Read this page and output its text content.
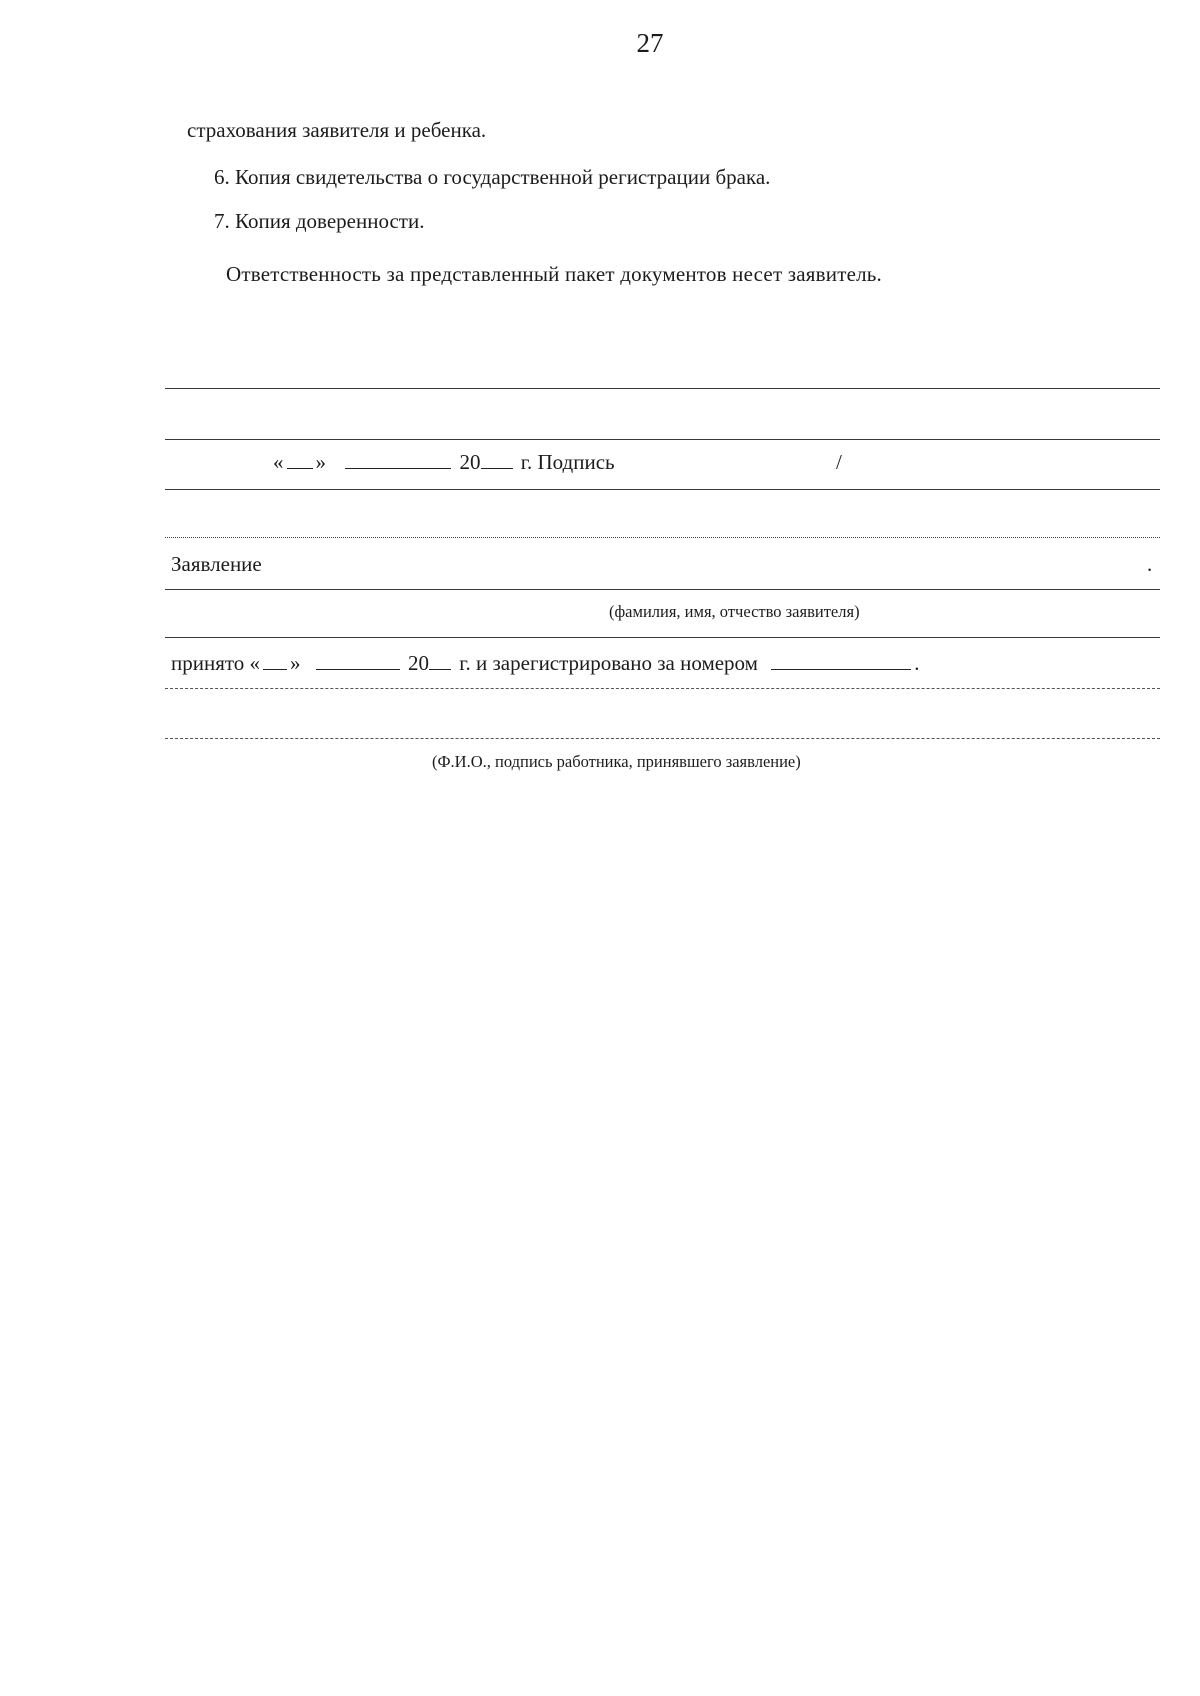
27
страхования заявителя и ребенка.
6. Копия свидетельства о государственной регистрации брака.
7. Копия доверенности.
Ответственность за представленный пакет документов несет заявитель.
« »	20 г. Подпись	/
Заявление	.
(фамилия, имя, отчество заявителя)
принято « »	20 г. и зарегистрировано за номером	.
(Ф.И.О., подпись работника, принявшего заявление)
